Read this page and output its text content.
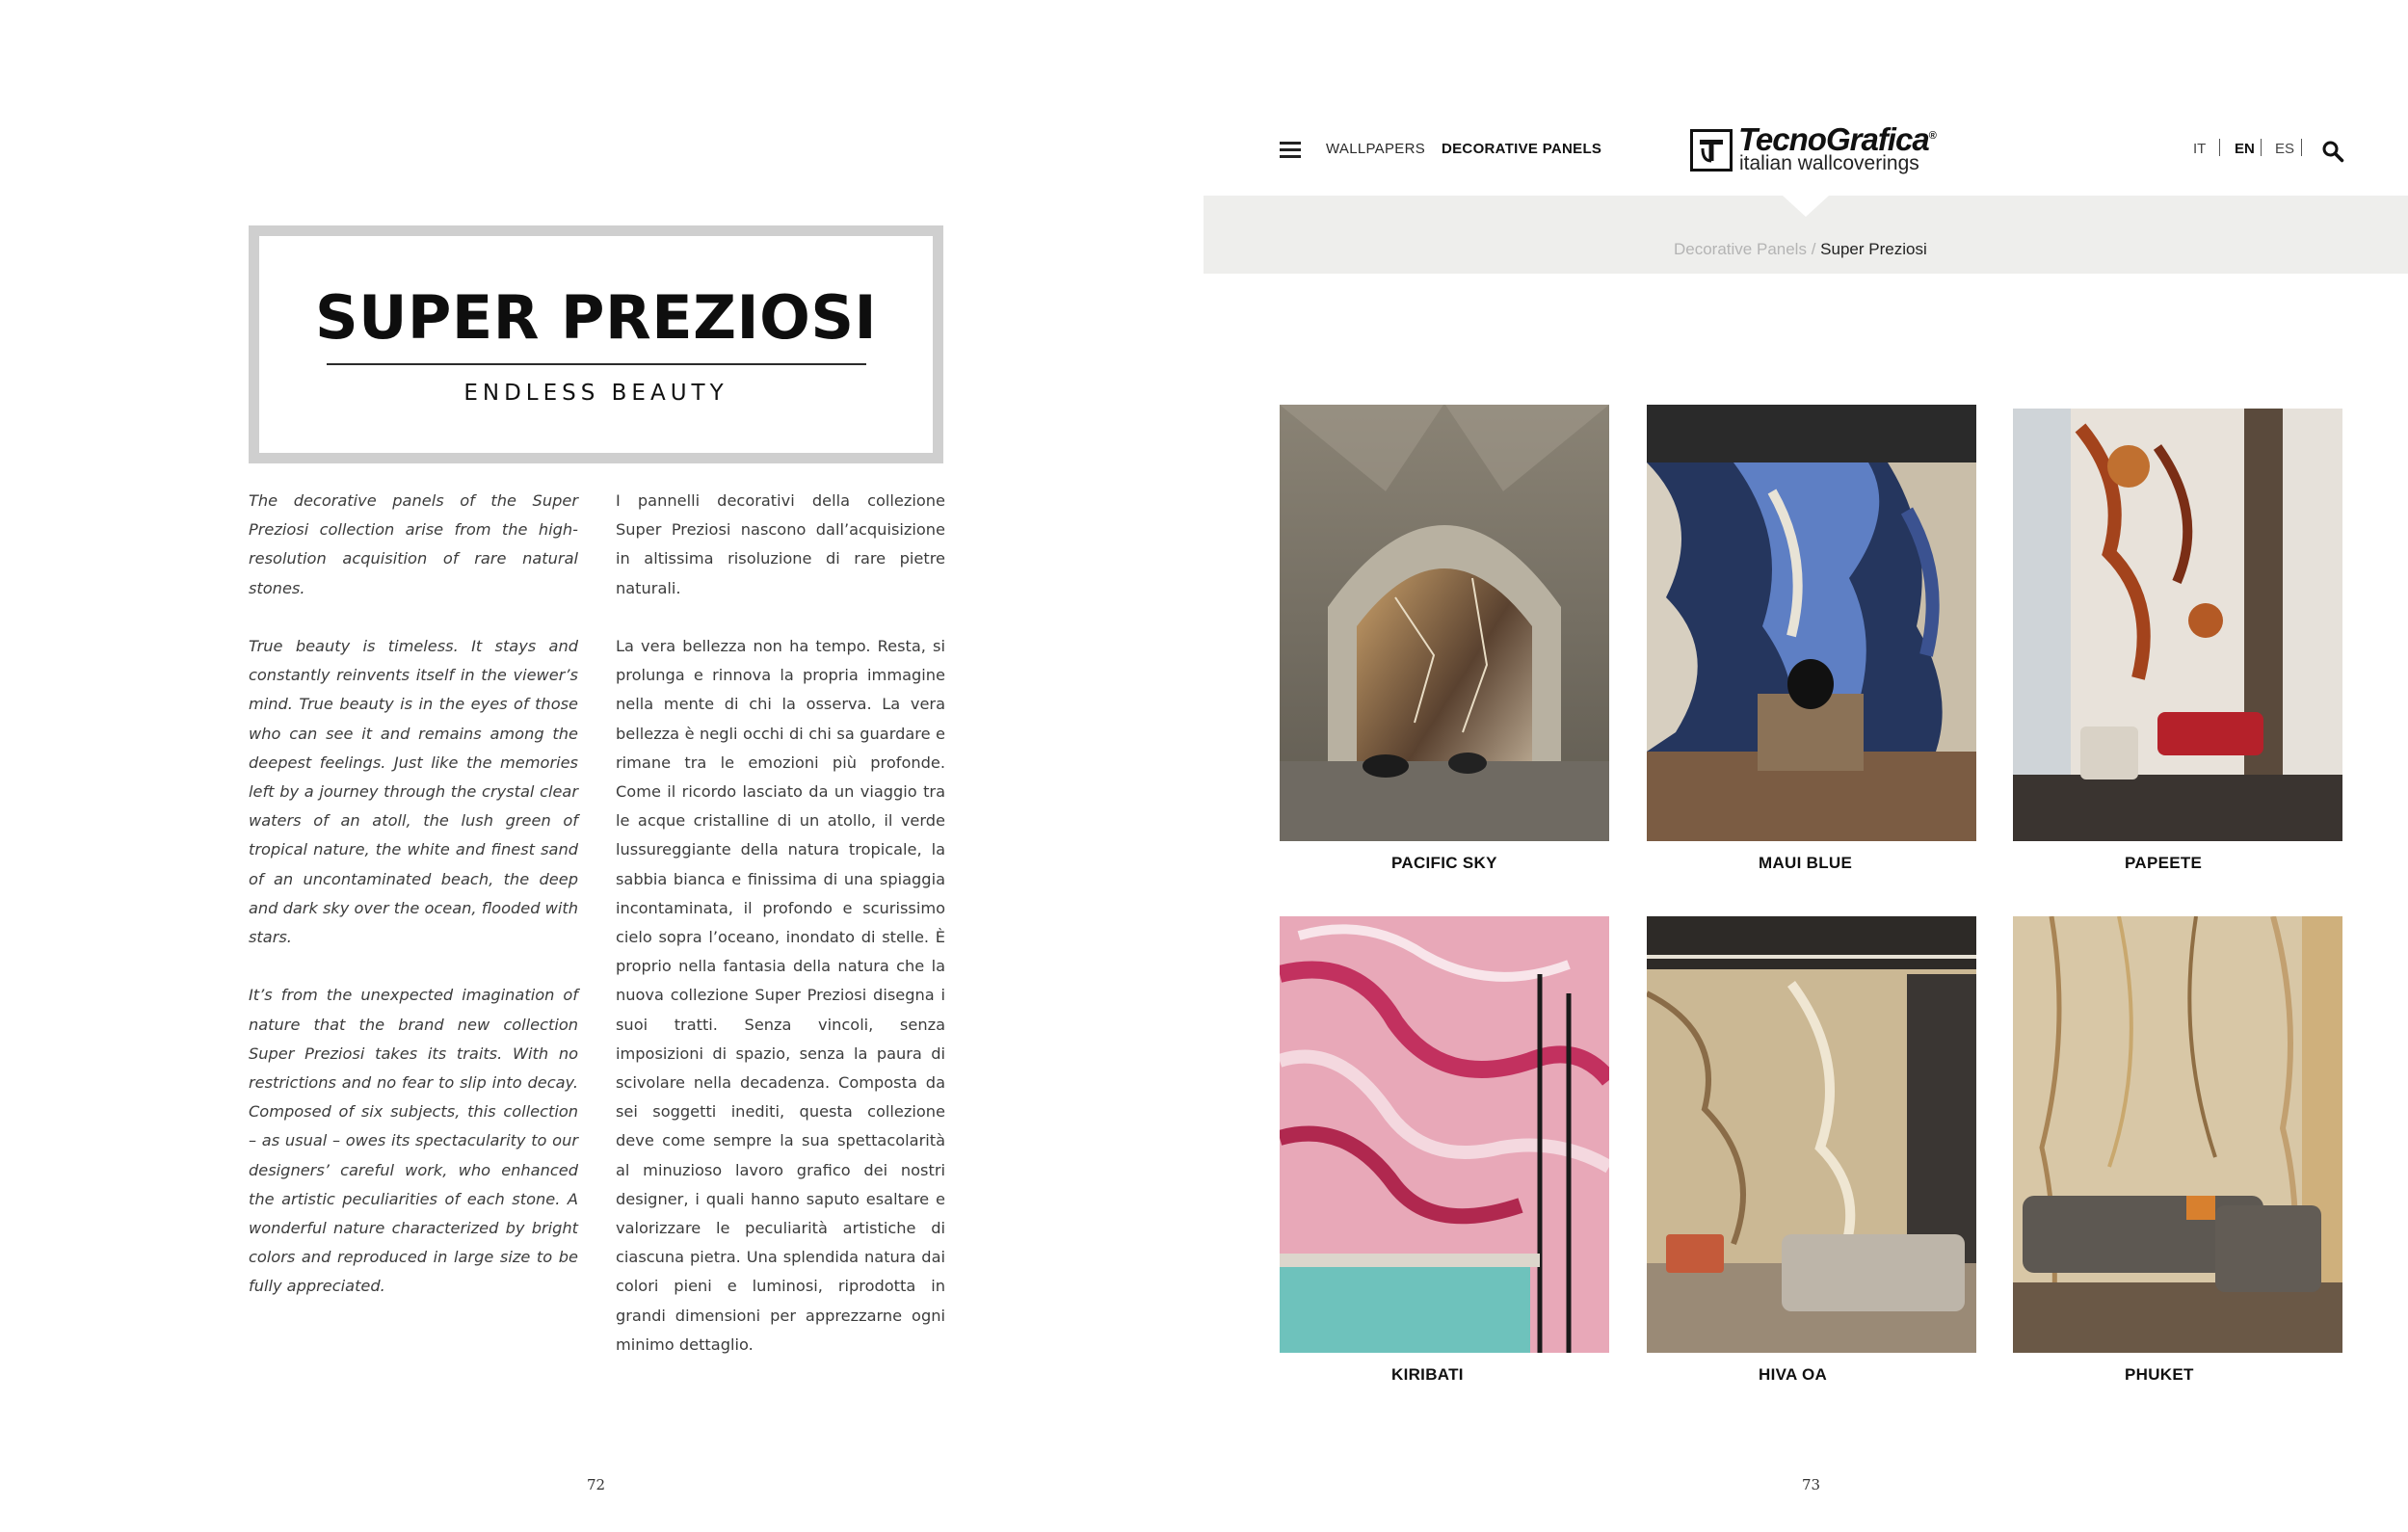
SUPER PREZIOSI
ENDLESS BEAUTY

The decorative panels of the Super Preziosi collection arise from the high-resolution acquisition of rare natural stones.

True beauty is timeless. It stays and constantly reinvents itself in the viewer’s mind. True beauty is in the eyes of those who can see it and remains among the deepest feelings. Just like the memories left by a journey through the crystal clear waters of an atoll, the lush green of tropical nature, the white and finest sand of an uncontaminated beach, the deep and dark sky over the ocean, flooded with stars.

It’s from the unexpected imagination of nature that the brand new collection Super Preziosi takes its traits. With no restrictions and no fear to slip into decay. Composed of six subjects, this collection – as usual – owes its spectacularity to our designers’ careful work, who enhanced the artistic peculiarities of each stone. A wonderful nature characterized by bright colors and reproduced in large size to be fully appreciated.

I pannelli decorativi della collezione Super Preziosi nascono dall’acquisizione in altissima risoluzione di rare pietre naturali.

La vera bellezza non ha tempo. Resta, si prolunga e rinnova la propria immagine nella mente di chi la osserva. La vera bellezza è negli occhi di chi sa guardare e rimane tra le emozioni più profonde. Come il ricordo lasciato da un viaggio tra le acque cristalline di un atollo, il verde lussureggiante della natura tropicale, la sabbia bianca e finissima di una spiaggia incontaminata, il profondo e scurissimo cielo sopra l’oceano, inondato di stelle. È proprio nella fantasia della natura che la nuova collezione Super Preziosi disegna i suoi tratti. Senza vincoli, senza imposizioni di spazio, senza la paura di scivolare nella decadenza. Composta da sei soggetti inediti, questa collezione deve come sempre la sua spettacolarità al minuzioso lavoro grafico dei nostri designer, i quali hanno saputo esaltare e valorizzare le peculiarità artistiche di ciascuna pietra. Una splendida natura dai colori pieni e luminosi, riprodotta in grandi dimensioni per apprezzarne ogni minimo dettaglio.

72
WALLPAPERS DECORATIVE PANELS	TecnoGrafica®
italian wallcoverings
IT EN ES
Decorative Panels / Super Preziosi
PACIFIC SKY	MAUI BLUE	PAPEETE
KIRIBATI	HIVA OA	PHUKET
73
